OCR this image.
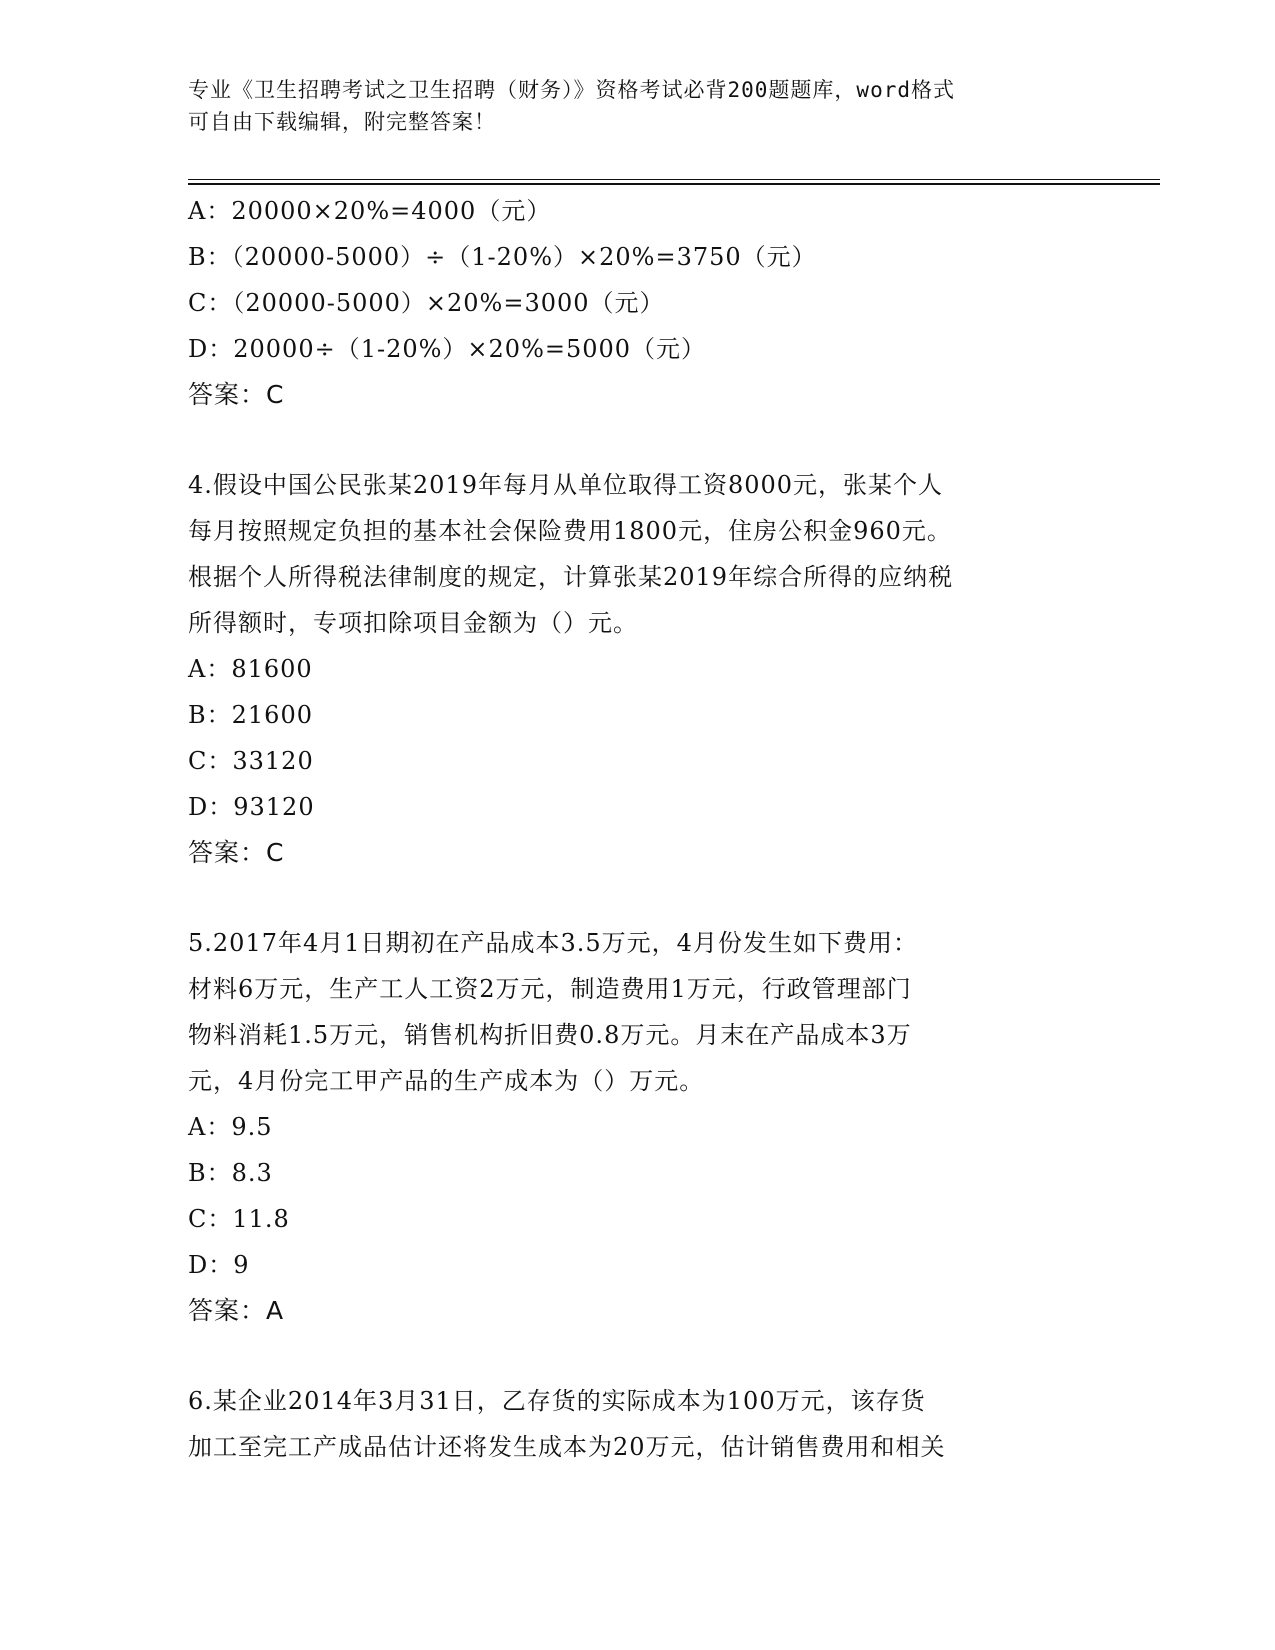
专业《卫生招聘考试之卫生招聘（财务）》资格考试必背200题题库，word格式
可自由下载编辑，附完整答案！
A：20000×20%=4000（元）
B：（20000-5000）÷（1-20%）×20%=3750（元）
C：（20000-5000）×20%=3000（元）
D：20000÷（1-20%）×20%=5000（元）
答案：C
4.假设中国公民张某2019年每月从单位取得工资8000元，张某个人
每月按照规定负担的基本社会保险费用1800元，住房公积金960元。
根据个人所得税法律制度的规定，计算张某2019年综合所得的应纳税
所得额时，专项扣除项目金额为（）元。
A：81600
B：21600
C：33120
D：93120
答案：C
5.2017年4月1日期初在产品成本3.5万元，4月份发生如下费用：
材料6万元，生产工人工资2万元，制造费用1万元，行政管理部门
物料消耗1.5万元，销售机构折旧费0.8万元。月末在产品成本3万
元，4月份完工甲产品的生产成本为（）万元。
A：9.5
B：8.3
C：11.8
D：9
答案：A
6.某企业2014年3月31日，乙存货的实际成本为100万元，该存货
加工至完工产成品估计还将发生成本为20万元，估计销售费用和相关
